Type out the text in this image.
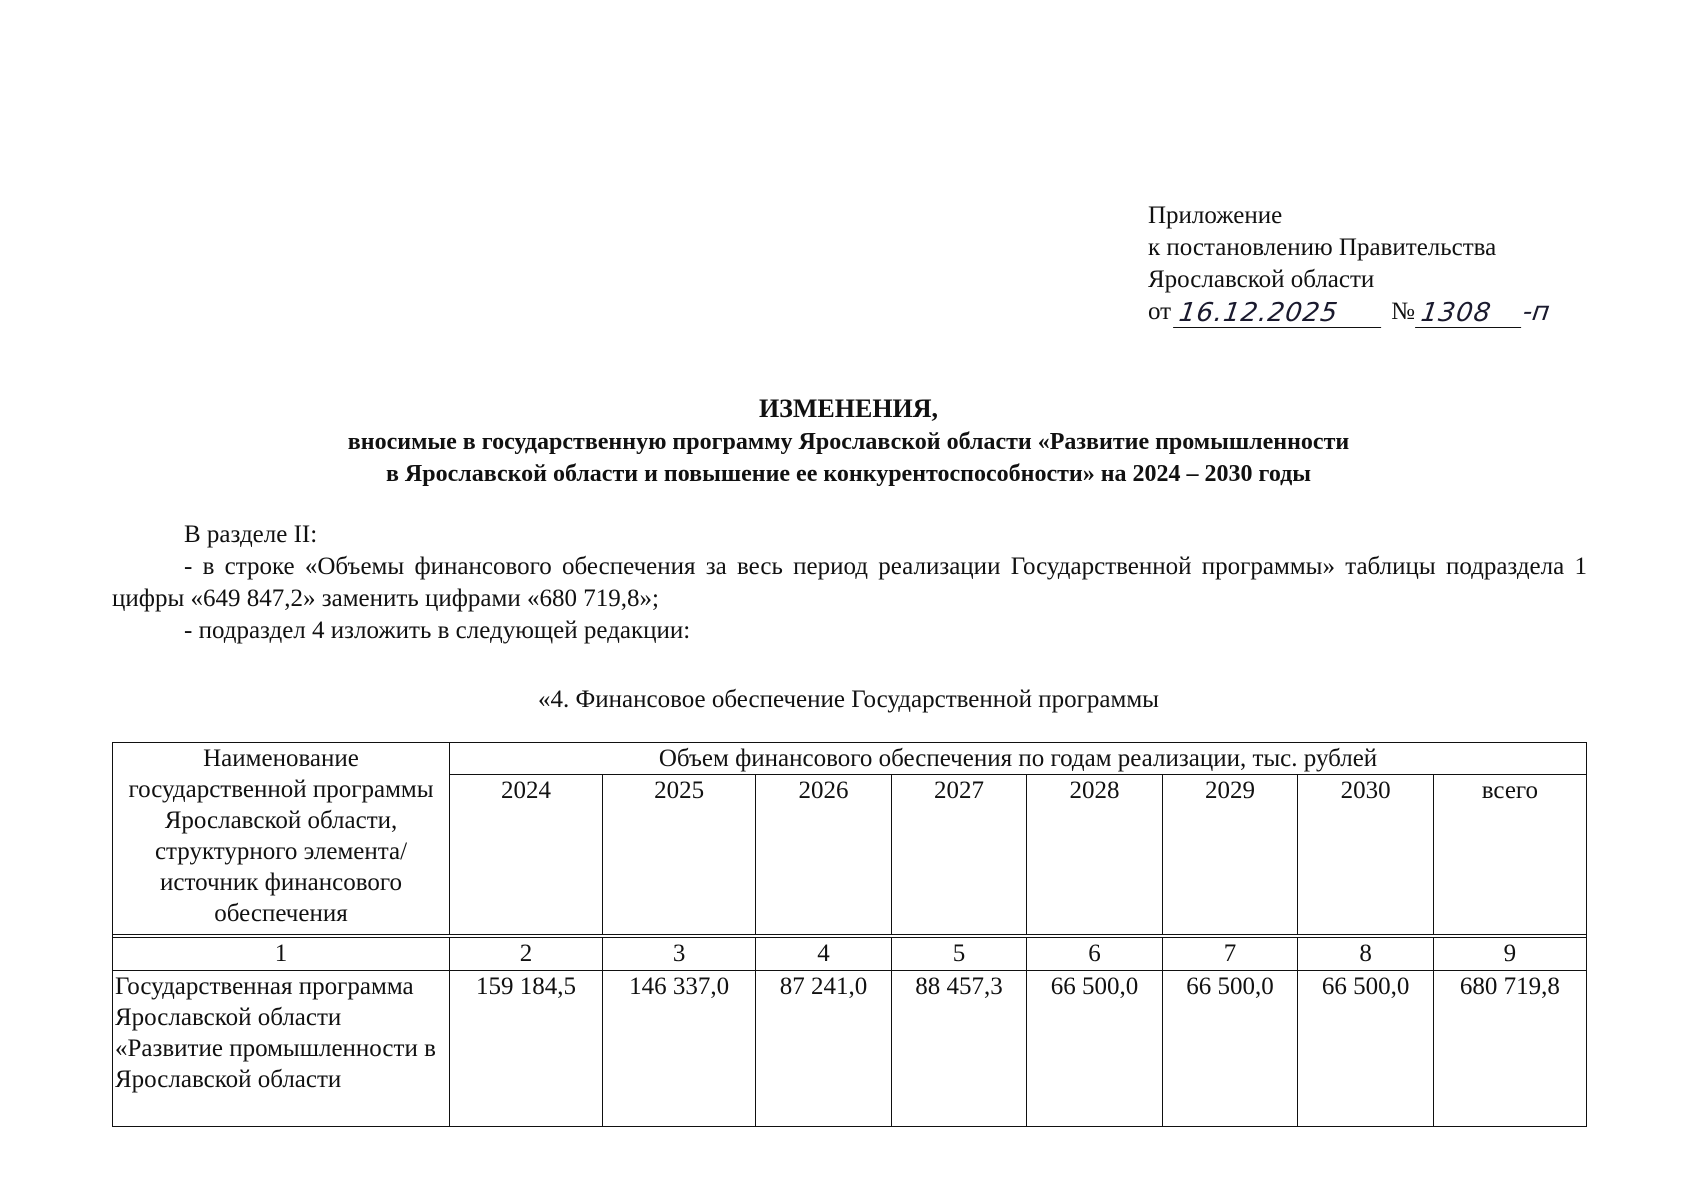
Приложение
к постановлению Правительства
Ярославской области
от 16.12.2025	№ 1308	-п
ИЗМЕНЕНИЯ,
вносимые в государственную программу Ярославской области «Развитие промышленности
в Ярославской области и повышение ее конкурентоспособности» на 2024 – 2030 годы

В разделе II:

- в строке «Объемы финансового обеспечения за весь период реализации Государственной программы» таблицы подраздела 1 цифры «649 847,2» заменить цифрами «680 719,8»;

- подраздел 4 изложить в следующей редакции:

«4. Финансовое обеспечение Государственной программы
Наименование государственной программы Ярославской области, структурного элемента/ источник финансового обеспечения	Объем финансового обеспечения по годам реализации, тыс. рублей							
	2024	2025	2026	2027	2028	2029	2030	всего

1	2	3	4	5	6	7	8	9
Государственная программа Ярославской области «Развитие промышленности в Ярославской области	159 184,5	146 337,0	87 241,0	88 457,3	66 500,0	66 500,0	66 500,0	680 719,8
